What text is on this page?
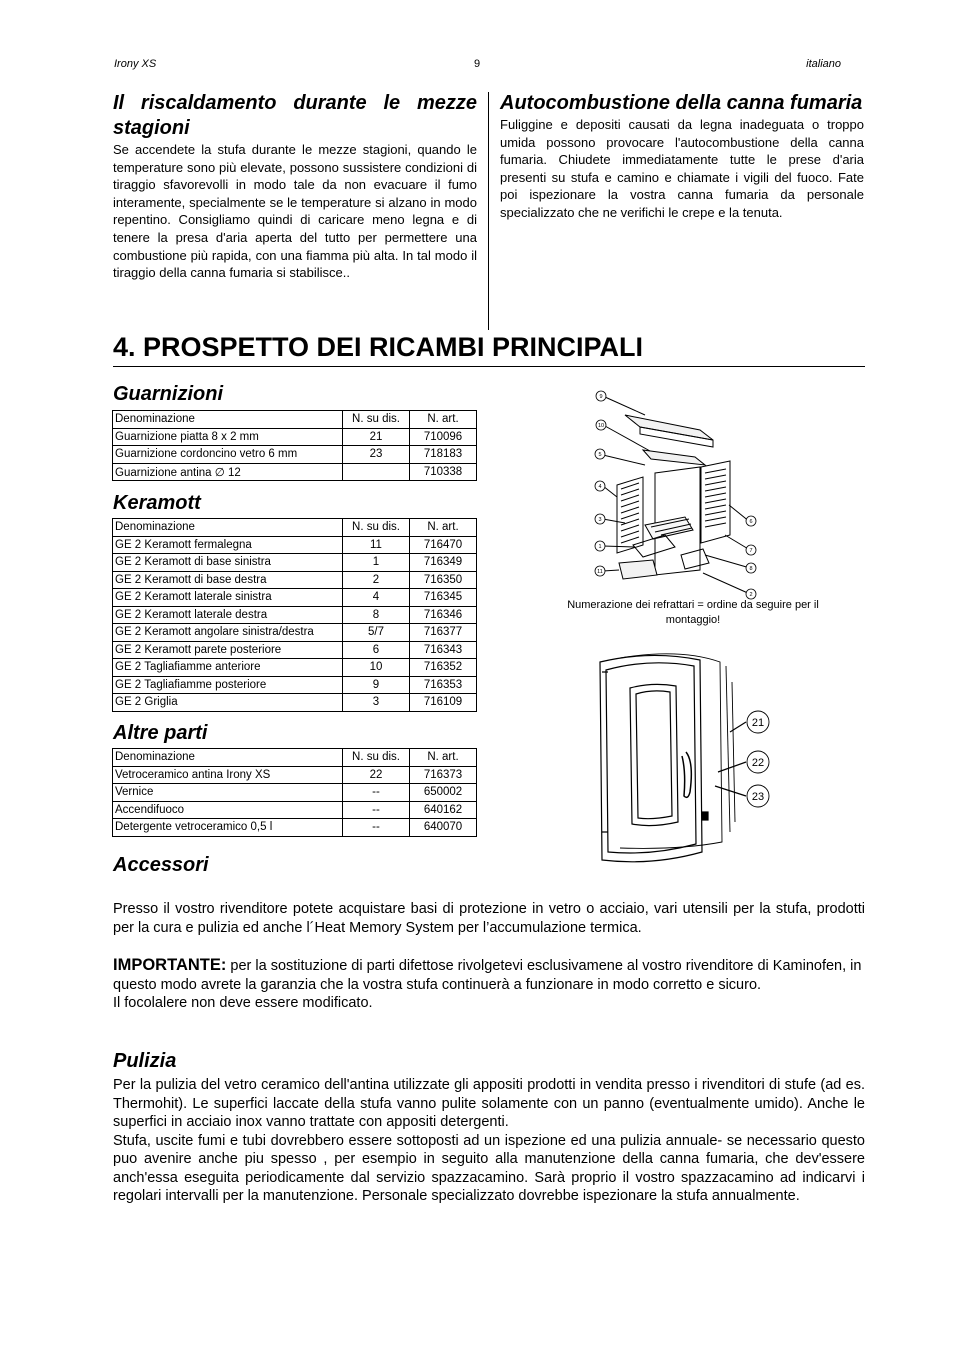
Irony XS	9	italiano
Il riscaldamento durante le mezze stagioni

Se accendete la stufa durante le mezze stagioni, quando le temperature sono più elevate, possono sussistere condizioni di tiraggio sfavorevolli in modo tale da non evacuare il fumo interamente, specialmente se le temperature si alzano in modo repentino. Consigliamo quindi di caricare meno legna e di tenere la presa d'aria aperta del tutto per permettere una combustione più rapida, con una fiamma più alta. In tal modo il tiraggio della canna fumaria si stabilisce..

Autocombustione della canna fumaria

Fuliggine e depositi causati da legna inadeguata o troppo umida possono provocare l'autocombustione della canna fumaria. Chiudete immediatamente tutte le prese d'aria presenti su stufa e camino e chiamate i vigili del fuoco. Fate poi ispezionare la vostra canna fumaria da personale specializzato che ne verifichi le crepe e la tenuta.

4. PROSPETTO DEI RICAMBI PRINCIPALI
Guarnizioni
Denominazione	N. su dis.	N. art.
Guarnizione piatta 8 x 2 mm	21	710096
Guarnizione cordoncino vetro 6 mm	23	718183
Guarnizione antina ∅ 12		710338
Keramott
Denominazione	N. su dis.	N. art.
GE 2 Keramott fermalegna	11	716470
GE 2 Keramott di base sinistra	1	716349
GE 2 Keramott di base destra	2	716350
GE 2 Keramott laterale sinistra	4	716345
GE 2 Keramott laterale destra	8	716346
GE 2 Keramott angolare sinistra/destra	5/7	716377
GE 2 Keramott parete posteriore	6	716343
GE 2 Tagliafiamme anteriore	10	716352
GE 2 Tagliafiamme posteriore	9	716353
GE 2 Griglia	3	716109
Altre parti
Denominazione	N. su dis.	N. art.
Vetroceramico antina Irony XS	22	716373
Vernice	--	650002
Accendifuoco	--	640162
Detergente vetroceramico 0,5 l	--	640070
9
10
5
4
3
1
11
6
7
8
2
Numerazione dei refrattari = ordine da seguire per il montaggio!
21
22
23
Accessori

Presso il vostro rivenditore potete acquistare basi di protezione in vetro o acciaio, vari utensili per la stufa, prodotti per la cura e pulizia ed anche l´Heat Memory System per l’accumulazione termica.

IMPORTANTE: per la sostituzione di parti difettose rivolgetevi esclusivamene al vostro rivenditore di Kaminofen, in questo modo avrete la garanzia che la vostra stufa continuerà a funzionare in modo corretto e sicuro.

Il focolalere non deve essere modificato.

Pulizia

Per la pulizia del vetro ceramico dell'antina utilizzate gli appositi prodotti in vendita presso i rivenditori di stufe (ad es. Thermohit). Le superfici laccate della stufa vanno pulite solamente con un panno (eventualmente umido). Anche le superfici in acciaio inox vanno trattate con appositi detergenti.

Stufa, uscite fumi e tubi dovrebbero essere sottoposti ad un ispezione ed una pulizia annuale- se necessario questo puo avenire anche piu spesso , per esempio in seguito alla manutenzione della canna fumaria, che dev'essere anch'essa eseguita periodicamente dal servizio spazzacamino. Sarà proprio il vostro spazzacamino ad indicarvi i regolari intervalli per la manutenzione. Personale specializzato dovrebbe ispezionare la stufa annualmente.
